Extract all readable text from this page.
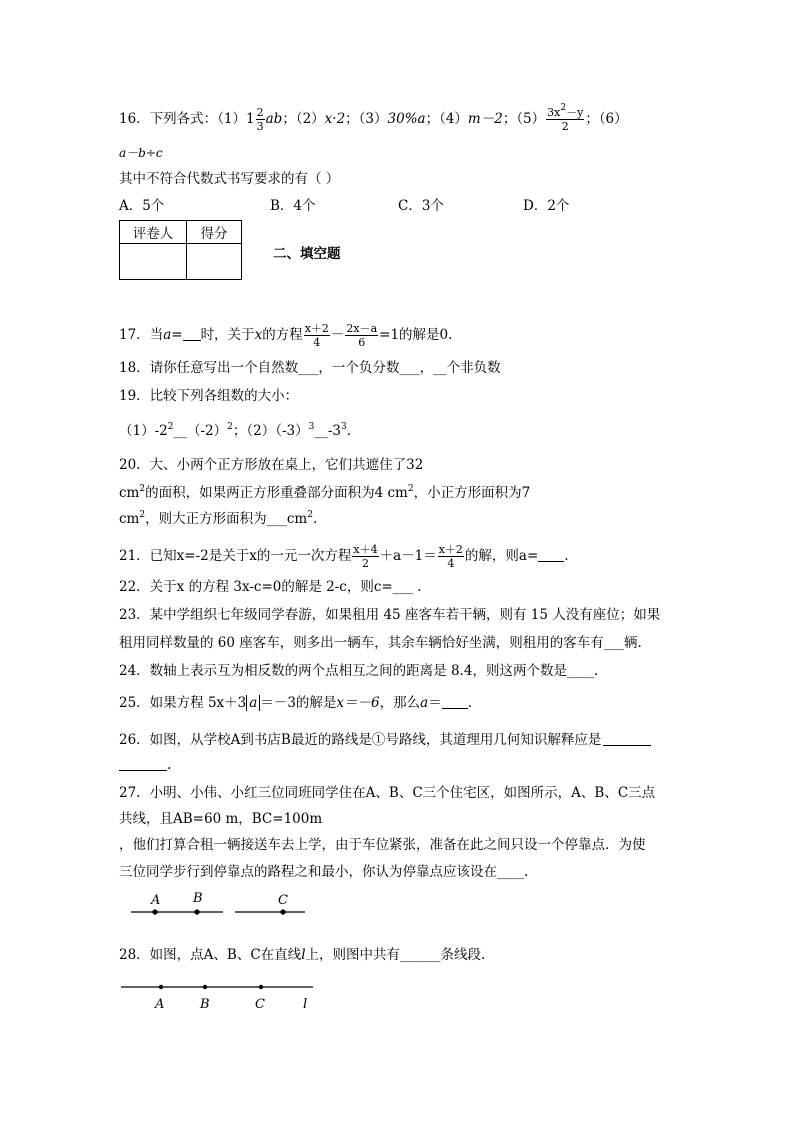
16．下列各式：$(1)1 \frac{2}{3}$ ab；（2）x·2；（3）30%a；（4）m－2；$(5) \frac{3x^2-y}{2}$ ；（6）
a－b÷c
其中不符合代数式书写要求的有（ ）
A．5个	B．4个	C．3个	D．2个
评卷人	得分

二、填空题
17．当a= 时，关于x的方程 $\frac{x+2}{4} - \frac{2x-a}{6} =1$的解是0.
18．请你任意写出一个自然数___，一个负分数___，__个非负数
19．比较下列各组数的大小：
$(1)-2^2\_\_(-2)^2$；$(2)(-3)^3\_\_-3^3$.
20．大、小两个正方形放在桌上，它们共遮住了32
$cm^2$的面积，如果两正方形重叠部分面积为4 $cm^2$，小正方形面积为7
$cm^2$，则大正方形面积为$\_\_\_cm^2$.
21．已知x=-2是关于x的一元一次方程 $\frac{x+4}{2} +a-1= \frac{x+2}{4}$ 的解，则a= .
22．关于x 的方程 3x-c=0的解是 2-c，则c=___ .
23．某中学组织七年级同学春游，如果租用 45 座客车若干辆，则有 15 人没有座位；如果
租用同样数量的 60 座客车，则多出一辆车，其余车辆恰好坐满，则租用的客车有___辆.
24．数轴上表示互为相反数的两个点相互之间的距离是 8.4，则这两个数是____.
25．如果方程 5x＋3 a ＝－3的解是x＝－6，那么a＝ .
26．如图，从学校A到书店B最近的路线是①号路线，其道理用几何知识解释应是
.
27．小明、小伟、小红三位同班同学住在A、B、C三个住宅区，如图所示，A、B、C三点
共线，且AB=60 m，BC=100m
，他们打算合租一辆接送车去上学，由于车位紧张，准备在此之间只设一个停靠点．为使
三位同学步行到停靠点的路程之和最小，你认为停靠点应该设在____.
A	B	C
28．如图，点A、B、C在直线l上，则图中共有______条线段.
A	B	C	l
